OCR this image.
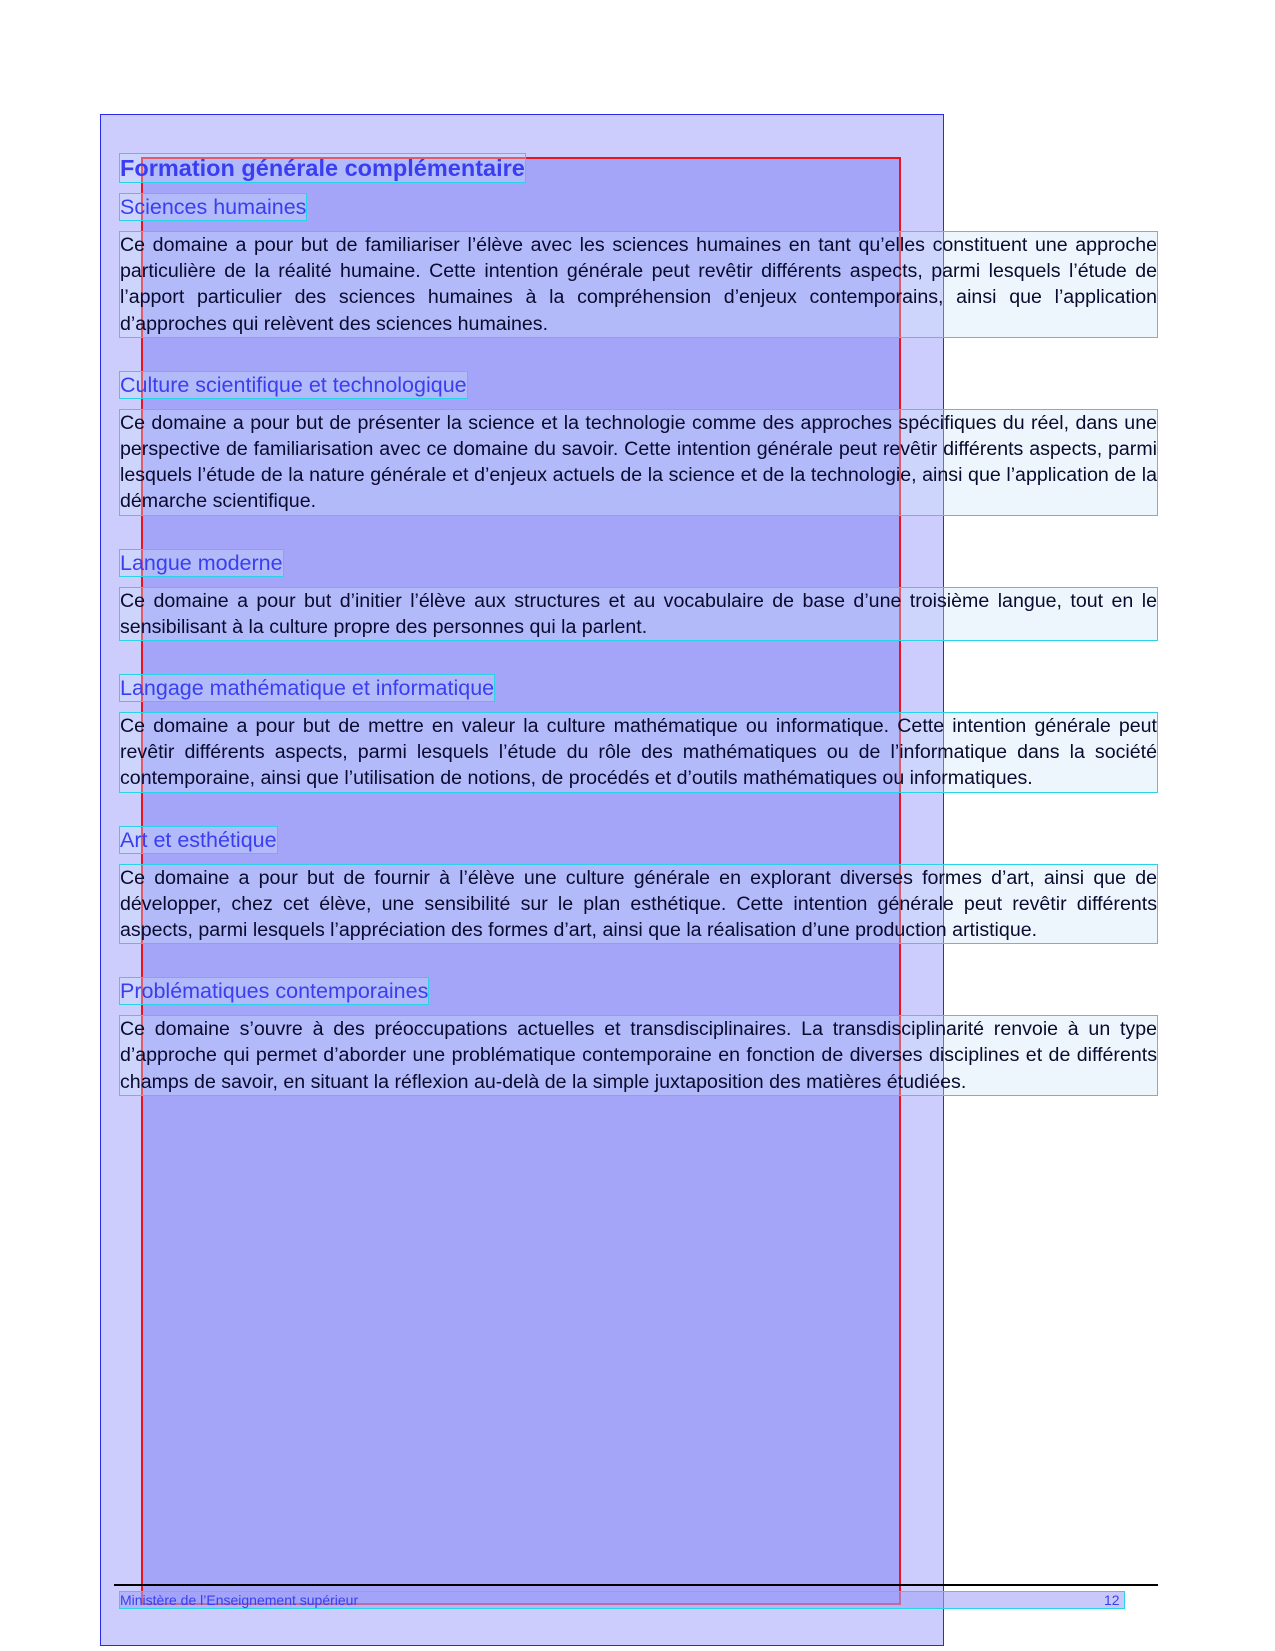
Formation générale complémentaire
Sciences humaines

Ce domaine a pour but de familiariser l’élève avec les sciences humaines en tant qu’elles constituent une approche particulière de la réalité humaine. Cette intention générale peut revêtir différents aspects, parmi lesquels l’étude de l’apport particulier des sciences humaines à la compréhension d’enjeux contemporains, ainsi que l’application d’approches qui relèvent des sciences humaines.

Culture scientifique et technologique

Ce domaine a pour but de présenter la science et la technologie comme des approches spécifiques du réel, dans une perspective de familiarisation avec ce domaine du savoir. Cette intention générale peut revêtir différents aspects, parmi lesquels l’étude de la nature générale et d’enjeux actuels de la science et de la technologie, ainsi que l’application de la démarche scientifique.

Langue moderne

Ce domaine a pour but d’initier l’élève aux structures et au vocabulaire de base d’une troisième langue, tout en le sensibilisant à la culture propre des personnes qui la parlent.

Langage mathématique et informatique

Ce domaine a pour but de mettre en valeur la culture mathématique ou informatique. Cette intention générale peut revêtir différents aspects, parmi lesquels l’étude du rôle des mathématiques ou de l’informatique dans la société contemporaine, ainsi que l’utilisation de notions, de procédés et d’outils mathématiques ou informatiques.

Art et esthétique

Ce domaine a pour but de fournir à l’élève une culture générale en explorant diverses formes d’art, ainsi que de développer, chez cet élève, une sensibilité sur le plan esthétique. Cette intention générale peut revêtir différents aspects, parmi lesquels l’appréciation des formes d’art, ainsi que la réalisation d’une production artistique.

Problématiques contemporaines

Ce domaine s’ouvre à des préoccupations actuelles et transdisciplinaires. La transdisciplinarité renvoie à un type d’approche qui permet d’aborder une problématique contemporaine en fonction de diverses disciplines et de différents champs de savoir, en situant la réflexion au-delà de la simple juxtaposition des matières étudiées.

Ministère de l’Enseignement supérieur	12
